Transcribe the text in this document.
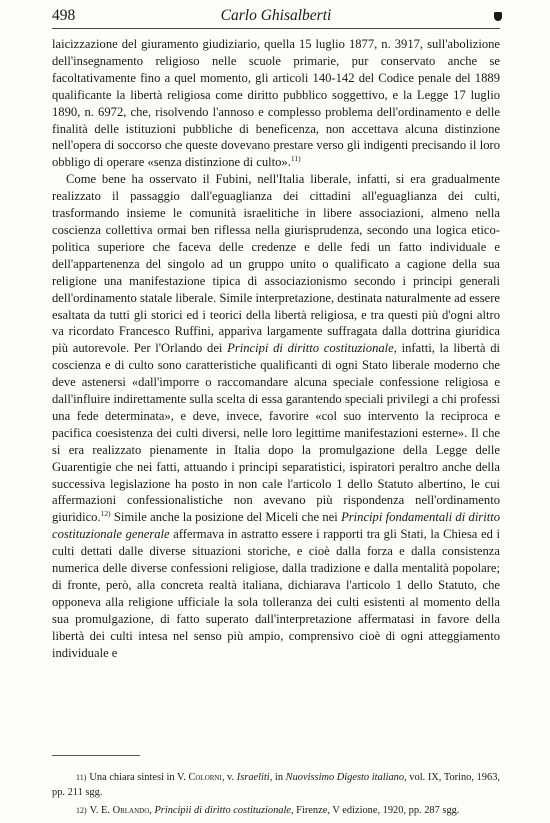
498	Carlo Ghisalberti

laicizzazione del giuramento giudiziario, quella 15 luglio 1877, n. 3917, sull'abolizione dell'insegnamento religioso nelle scuole primarie, pur conservato anche se facoltativamente fino a quel momento, gli articoli 140-142 del Codice penale del 1889 qualificante la libertà religiosa come diritto pubblico soggettivo, e la Legge 17 luglio 1890, n. 6972, che, risolvendo l'annoso e complesso problema dell'ordinamento e delle finalità delle istituzioni pubbliche di beneficenza, non accettava alcuna distinzione nell'opera di soccorso che queste dovevano prestare verso gli indigenti precisando il loro obbligo di operare «senza distinzione di culto».$^{11)}$

Come bene ha osservato il Fubini, nell'Italia liberale, infatti, si era gradualmente realizzato il passaggio dall'eguaglianza dei cittadini all'eguaglianza dei culti, trasformando insieme le comunità israelitiche in libere associazioni, almeno nella coscienza collettiva ormai ben riflessa nella giurisprudenza, secondo una logica etico-politica superiore che faceva delle credenze e delle fedi un fatto individuale e dell'appartenenza del singolo ad un gruppo unito o qualificato a cagione della sua religione una manifestazione tipica di associazionismo secondo i principi generali dell'ordinamento statale liberale. Simile interpretazione, destinata naturalmente ad essere esaltata da tutti gli storici ed i teorici della libertà religiosa, e tra questi più d'ogni altro va ricordato Francesco Ruffini, appariva largamente suffragata dalla dottrina giuridica più autorevole. Per l'Orlando dei Principi di diritto costituzionale, infatti, la libertà di coscienza e di culto sono caratteristiche qualificanti di ogni Stato liberale moderno che deve astenersi «dall'imporre o raccomandare alcuna speciale confessione religiosa e dall'influire indirettamente sulla scelta di essa garantendo speciali privilegi a chi professi una fede determinata», e deve, invece, favorire «col suo intervento la reciproca e pacifica coesistenza dei culti diversi, nelle loro legittime manifestazioni esterne». Il che si era realizzato pienamente in Italia dopo la promulgazione della Legge delle Guarentigie che nei fatti, attuando i principi separatistici, ispiratori peraltro anche della successiva legislazione ha posto in non cale l'articolo 1 dello Statuto albertino, le cui affermazioni confessionalistiche non avevano più rispondenza nell'ordinamento giuridico.$^{12)}$ Simile anche la posizione del Miceli che nei Principi fondamentali di diritto costituzionale generale affermava in astratto essere i rapporti tra gli Stati, la Chiesa ed i culti dettati dalle diverse situazioni storiche, e cioè dalla forza e dalla consistenza numerica delle diverse confessioni religiose, dalla tradizione e dalla mentalità popolare; di fronte, però, alla concreta realtà italiana, dichiarava l'articolo 1 dello Statuto, che opponeva alla religione ufficiale la sola tolleranza dei culti esistenti al momento della sua promulgazione, di fatto superato dall'interpretazione affermatasi in favore della libertà dei culti intesa nel senso più ampio, comprensivo cioè di ogni atteggiamento individuale e

11) Una chiara sintesi in V. Colorni, v. Israeliti, in Nuovissimo Digesto italiano, vol. IX, Torino, 1963, pp. 211 sgg.

12) V. E. Orlando, Principii di diritto costituzionale, Firenze, V edizione, 1920, pp. 287 sgg.
